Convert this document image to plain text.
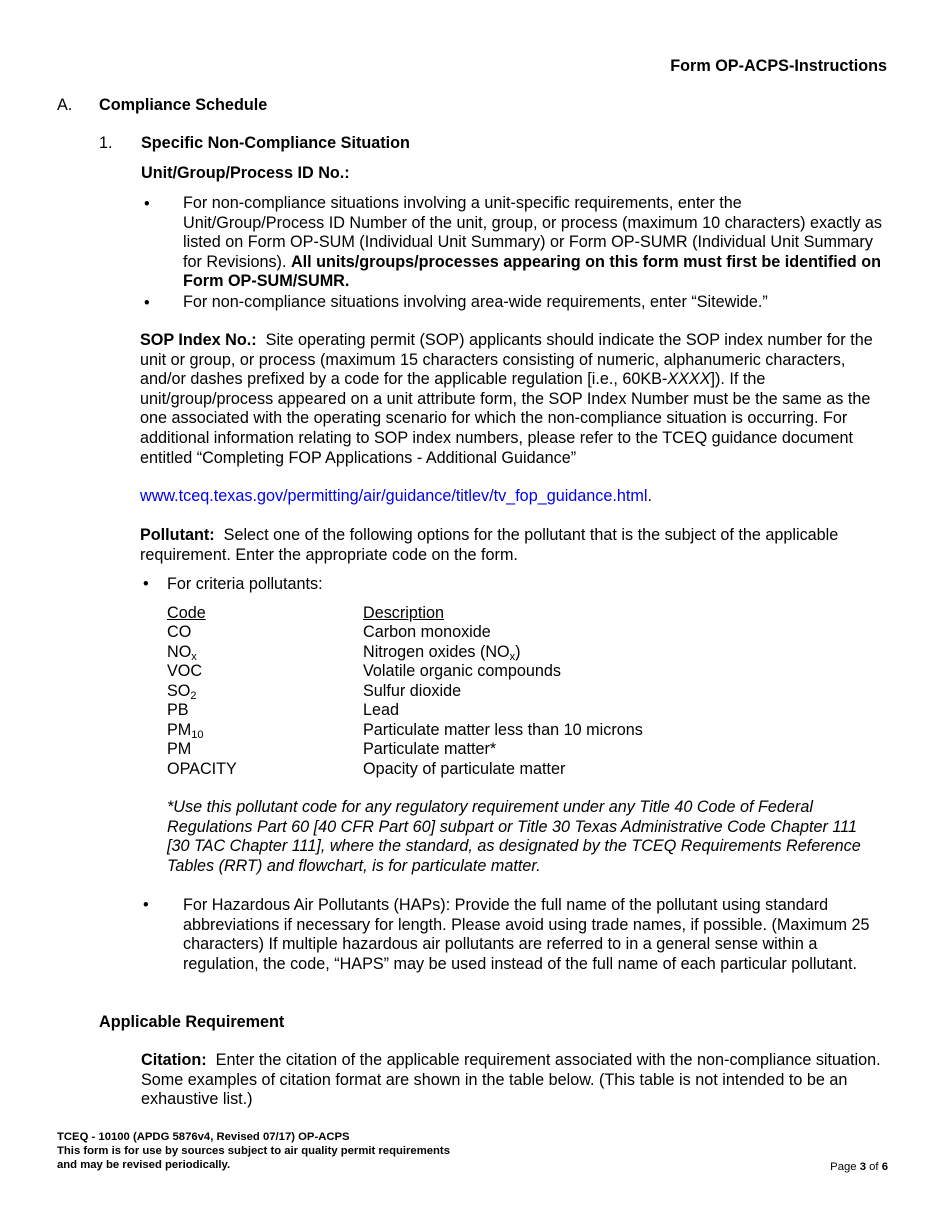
Form OP-ACPS-Instructions
A. Compliance Schedule
1. Specific Non-Compliance Situation
Unit/Group/Process ID No.:
• For non-compliance situations involving a unit-specific requirements, enter the Unit/Group/Process ID Number of the unit, group, or process (maximum 10 characters) exactly as listed on Form OP-SUM (Individual Unit Summary) or Form OP-SUMR (Individual Unit Summary for Revisions). All units/groups/processes appearing on this form must first be identified on Form OP-SUM/SUMR.
• For non-compliance situations involving area-wide requirements, enter “Sitewide.”
SOP Index No.: Site operating permit (SOP) applicants should indicate the SOP index number for the unit or group, or process (maximum 15 characters consisting of numeric, alphanumeric characters, and/or dashes prefixed by a code for the applicable regulation [i.e., 60KB-XXXX]). If the unit/group/process appeared on a unit attribute form, the SOP Index Number must be the same as the one associated with the operating scenario for which the non-compliance situation is occurring. For additional information relating to SOP index numbers, please refer to the TCEQ guidance document entitled “Completing FOP Applications - Additional Guidance”
www.tceq.texas.gov/permitting/air/guidance/titlev/tv_fop_guidance.html.
Pollutant: Select one of the following options for the pollutant that is the subject of the applicable requirement. Enter the appropriate code on the form.
• For criteria pollutants:
Code	Description
CO	Carbon monoxide
$NO_x$	Nitrogen oxides $(NO_x)$
VOC	Volatile organic compounds
$SO_2$	Sulfur dioxide
PB	Lead
$PM_{10}$	Particulate matter less than 10 microns
PM	Particulate matter*
OPACITY	Opacity of particulate matter
*Use this pollutant code for any regulatory requirement under any Title 40 Code of Federal Regulations Part 60 [40 CFR Part 60] subpart or Title 30 Texas Administrative Code Chapter 111 [30 TAC Chapter 111], where the standard, as designated by the TCEQ Requirements Reference Tables (RRT) and flowchart, is for particulate matter.
• For Hazardous Air Pollutants (HAPs): Provide the full name of the pollutant using standard abbreviations if necessary for length. Please avoid using trade names, if possible. (Maximum 25 characters) If multiple hazardous air pollutants are referred to in a general sense within a regulation, the code, “HAPS” may be used instead of the full name of each particular pollutant.
Applicable Requirement
Citation: Enter the citation of the applicable requirement associated with the non-compliance situation. Some examples of citation format are shown in the table below. (This table is not intended to be an exhaustive list.)
TCEQ - 10100 (APDG 5876v4, Revised 07/17) OP-ACPS
This form is for use by sources subject to air quality permit requirements
and may be revised periodically.	Page 3 of 6
